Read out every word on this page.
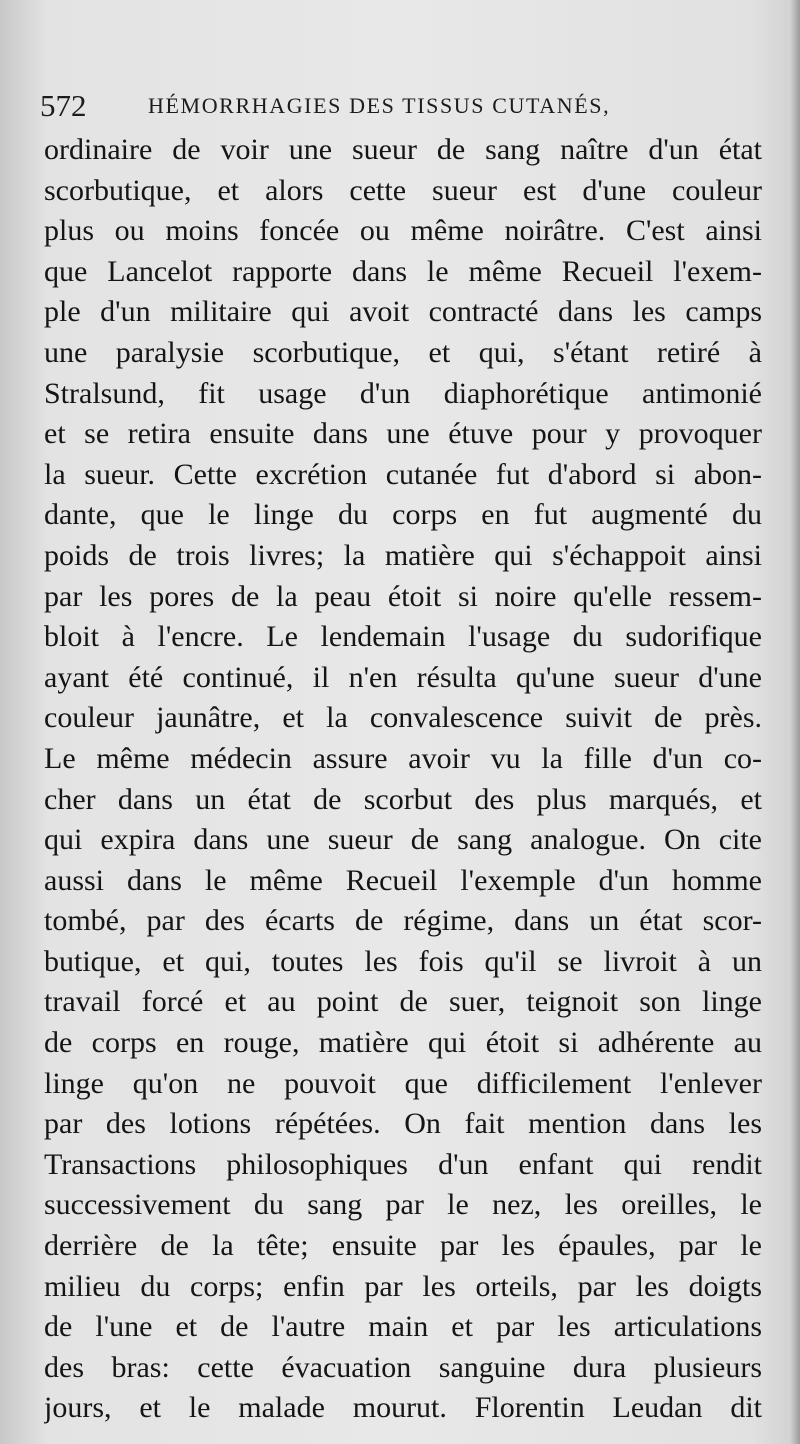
572	HÉMORRHAGIES DES TISSUS CUTANÉS,
ordinaire de voir une sueur de sang naître d'un état
scorbutique, et alors cette sueur est d'une couleur
plus ou moins foncée ou même noirâtre. C'est ainsi
que Lancelot rapporte dans le même Recueil l'exem-
ple d'un militaire qui avoit contracté dans les camps
une paralysie scorbutique, et qui, s'étant retiré à
Stralsund, fit usage d'un diaphorétique antimonié
et se retira ensuite dans une étuve pour y provoquer
la sueur. Cette excrétion cutanée fut d'abord si abon-
dante, que le linge du corps en fut augmenté du
poids de trois livres; la matière qui s'échappoit ainsi
par les pores de la peau étoit si noire qu'elle ressem-
bloit à l'encre. Le lendemain l'usage du sudorifique
ayant été continué, il n'en résulta qu'une sueur d'une
couleur jaunâtre, et la convalescence suivit de près.
Le même médecin assure avoir vu la fille d'un co-
cher dans un état de scorbut des plus marqués, et
qui expira dans une sueur de sang analogue. On cite
aussi dans le même Recueil l'exemple d'un homme
tombé, par des écarts de régime, dans un état scor-
butique, et qui, toutes les fois qu'il se livroit à un
travail forcé et au point de suer, teignoit son linge
de corps en rouge, matière qui étoit si adhérente au
linge qu'on ne pouvoit que difficilement l'enlever
par des lotions répétées. On fait mention dans les
Transactions philosophiques d'un enfant qui rendit
successivement du sang par le nez, les oreilles, le
derrière de la tête; ensuite par les épaules, par le
milieu du corps; enfin par les orteils, par les doigts
de l'une et de l'autre main et par les articulations
des bras: cette évacuation sanguine dura plusieurs
jours, et le malade mourut. Florentin Leudan dit
